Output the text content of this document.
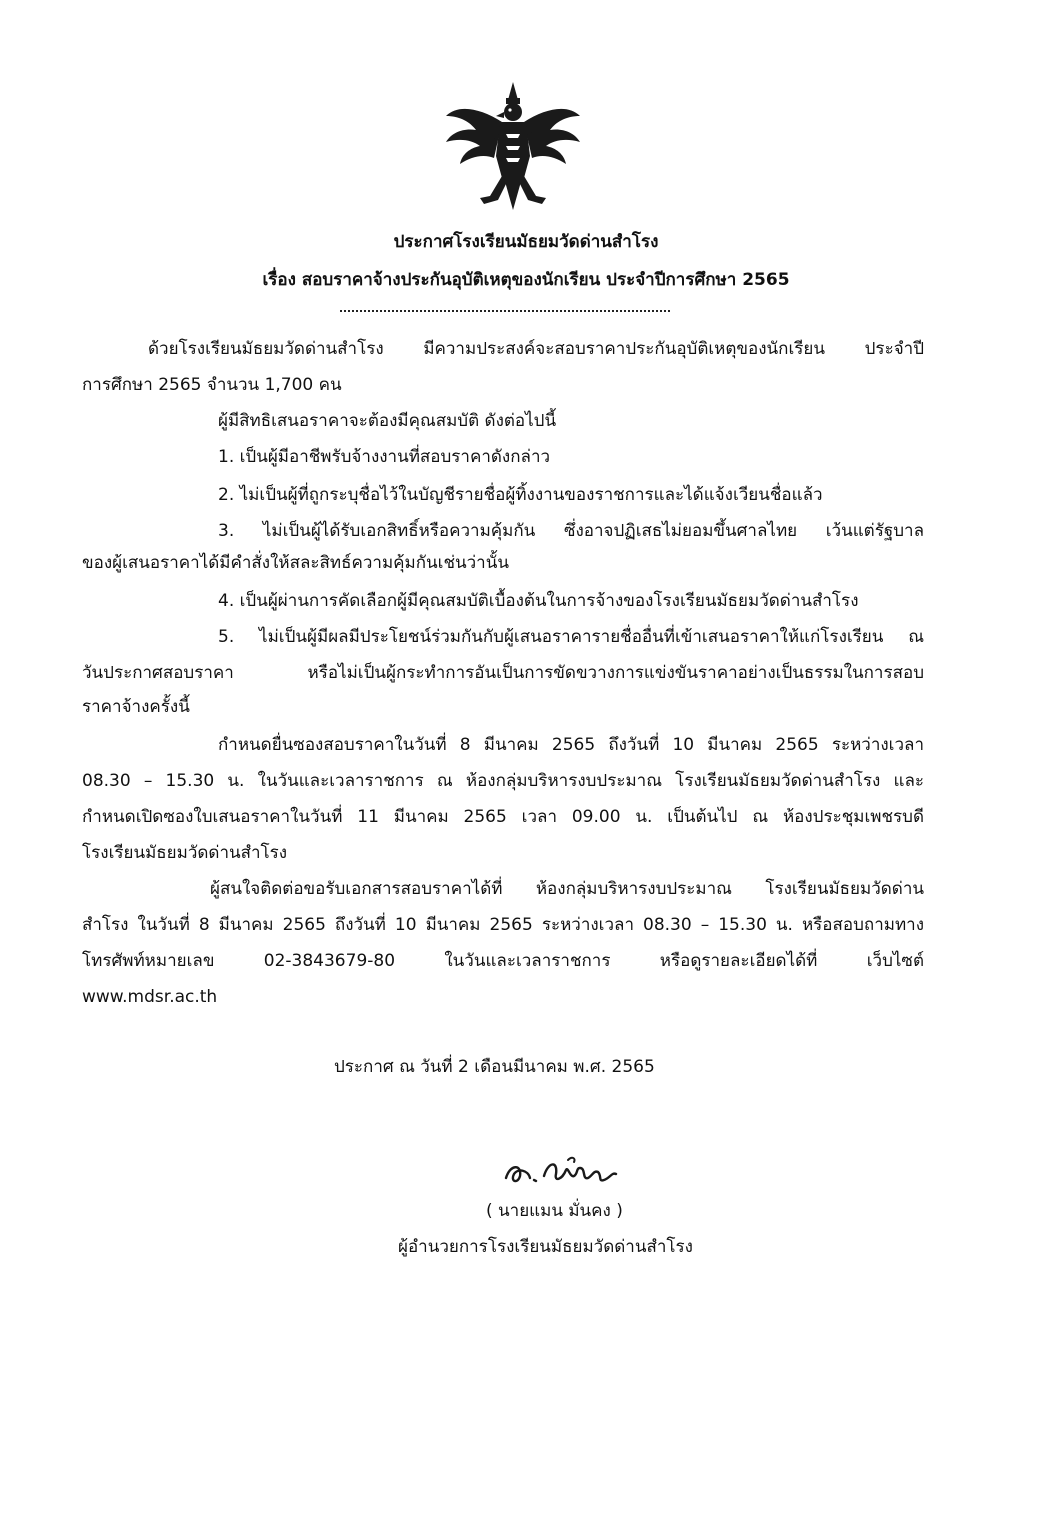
ประกาศโรงเรียนมัธยมวัดด่านสำโรง
เรื่อง สอบราคาจ้างประกันอุบัติเหตุของนักเรียน ประจำปีการศึกษา 2565
ด้วยโรงเรียนมัธยมวัดด่านสำโรง มีความประสงค์จะสอบราคาประกันอุบัติเหตุของนักเรียน ประจำปี
การศึกษา 2565 จำนวน 1,700 คน
ผู้มีสิทธิเสนอราคาจะต้องมีคุณสมบัติ ดังต่อไปนี้
1. เป็นผู้มีอาชีพรับจ้างงานที่สอบราคาดังกล่าว
2. ไม่เป็นผู้ที่ถูกระบุชื่อไว้ในบัญชีรายชื่อผู้ทิ้งงานของราชการและได้แจ้งเวียนชื่อแล้ว
3. ไม่เป็นผู้ได้รับเอกสิทธิ์หรือความคุ้มกัน ซึ่งอาจปฏิเสธไม่ยอมขึ้นศาลไทย เว้นแต่รัฐบาล
ของผู้เสนอราคาได้มีคำสั่งให้สละสิทธ์ความคุ้มกันเช่นว่านั้น
4. เป็นผู้ผ่านการคัดเลือกผู้มีคุณสมบัติเบื้องต้นในการจ้างของโรงเรียนมัธยมวัดด่านสำโรง
5. ไม่เป็นผู้มีผลมีประโยชน์ร่วมกันกับผู้เสนอราคารายชื่ออื่นที่เข้าเสนอราคาให้แก่โรงเรียน ณ
วันประกาศสอบราคา หรือไม่เป็นผู้กระทำการอันเป็นการขัดขวางการแข่งขันราคาอย่างเป็นธรรมในการสอบ
ราคาจ้างครั้งนี้
กำหนดยื่นซองสอบราคาในวันที่ 8 มีนาคม 2565 ถึงวันที่ 10 มีนาคม 2565 ระหว่างเวลา
08.30 – 15.30 น. ในวันและเวลาราชการ ณ ห้องกลุ่มบริหารงบประมาณ โรงเรียนมัธยมวัดด่านสำโรง และ
กำหนดเปิดซองใบเสนอราคาในวันที่ 11 มีนาคม 2565 เวลา 09.00 น. เป็นต้นไป ณ ห้องประชุมเพชรบดี
โรงเรียนมัธยมวัดด่านสำโรง
ผู้สนใจติดต่อขอรับเอกสารสอบราคาได้ที่ ห้องกลุ่มบริหารงบประมาณ โรงเรียนมัธยมวัดด่าน
สำโรง ในวันที่ 8 มีนาคม 2565 ถึงวันที่ 10 มีนาคม 2565 ระหว่างเวลา 08.30 – 15.30 น. หรือสอบถามทาง
โทรศัพท์หมายเลข 02-3843679-80 ในวันและเวลาราชการ หรือดูรายละเอียดได้ที่ เว็บไซต์
www.mdsr.ac.th
ประกาศ ณ วันที่ 2 เดือนมีนาคม พ.ศ. 2565
( นายแมน มั่นคง )
ผู้อำนวยการโรงเรียนมัธยมวัดด่านสำโรง
